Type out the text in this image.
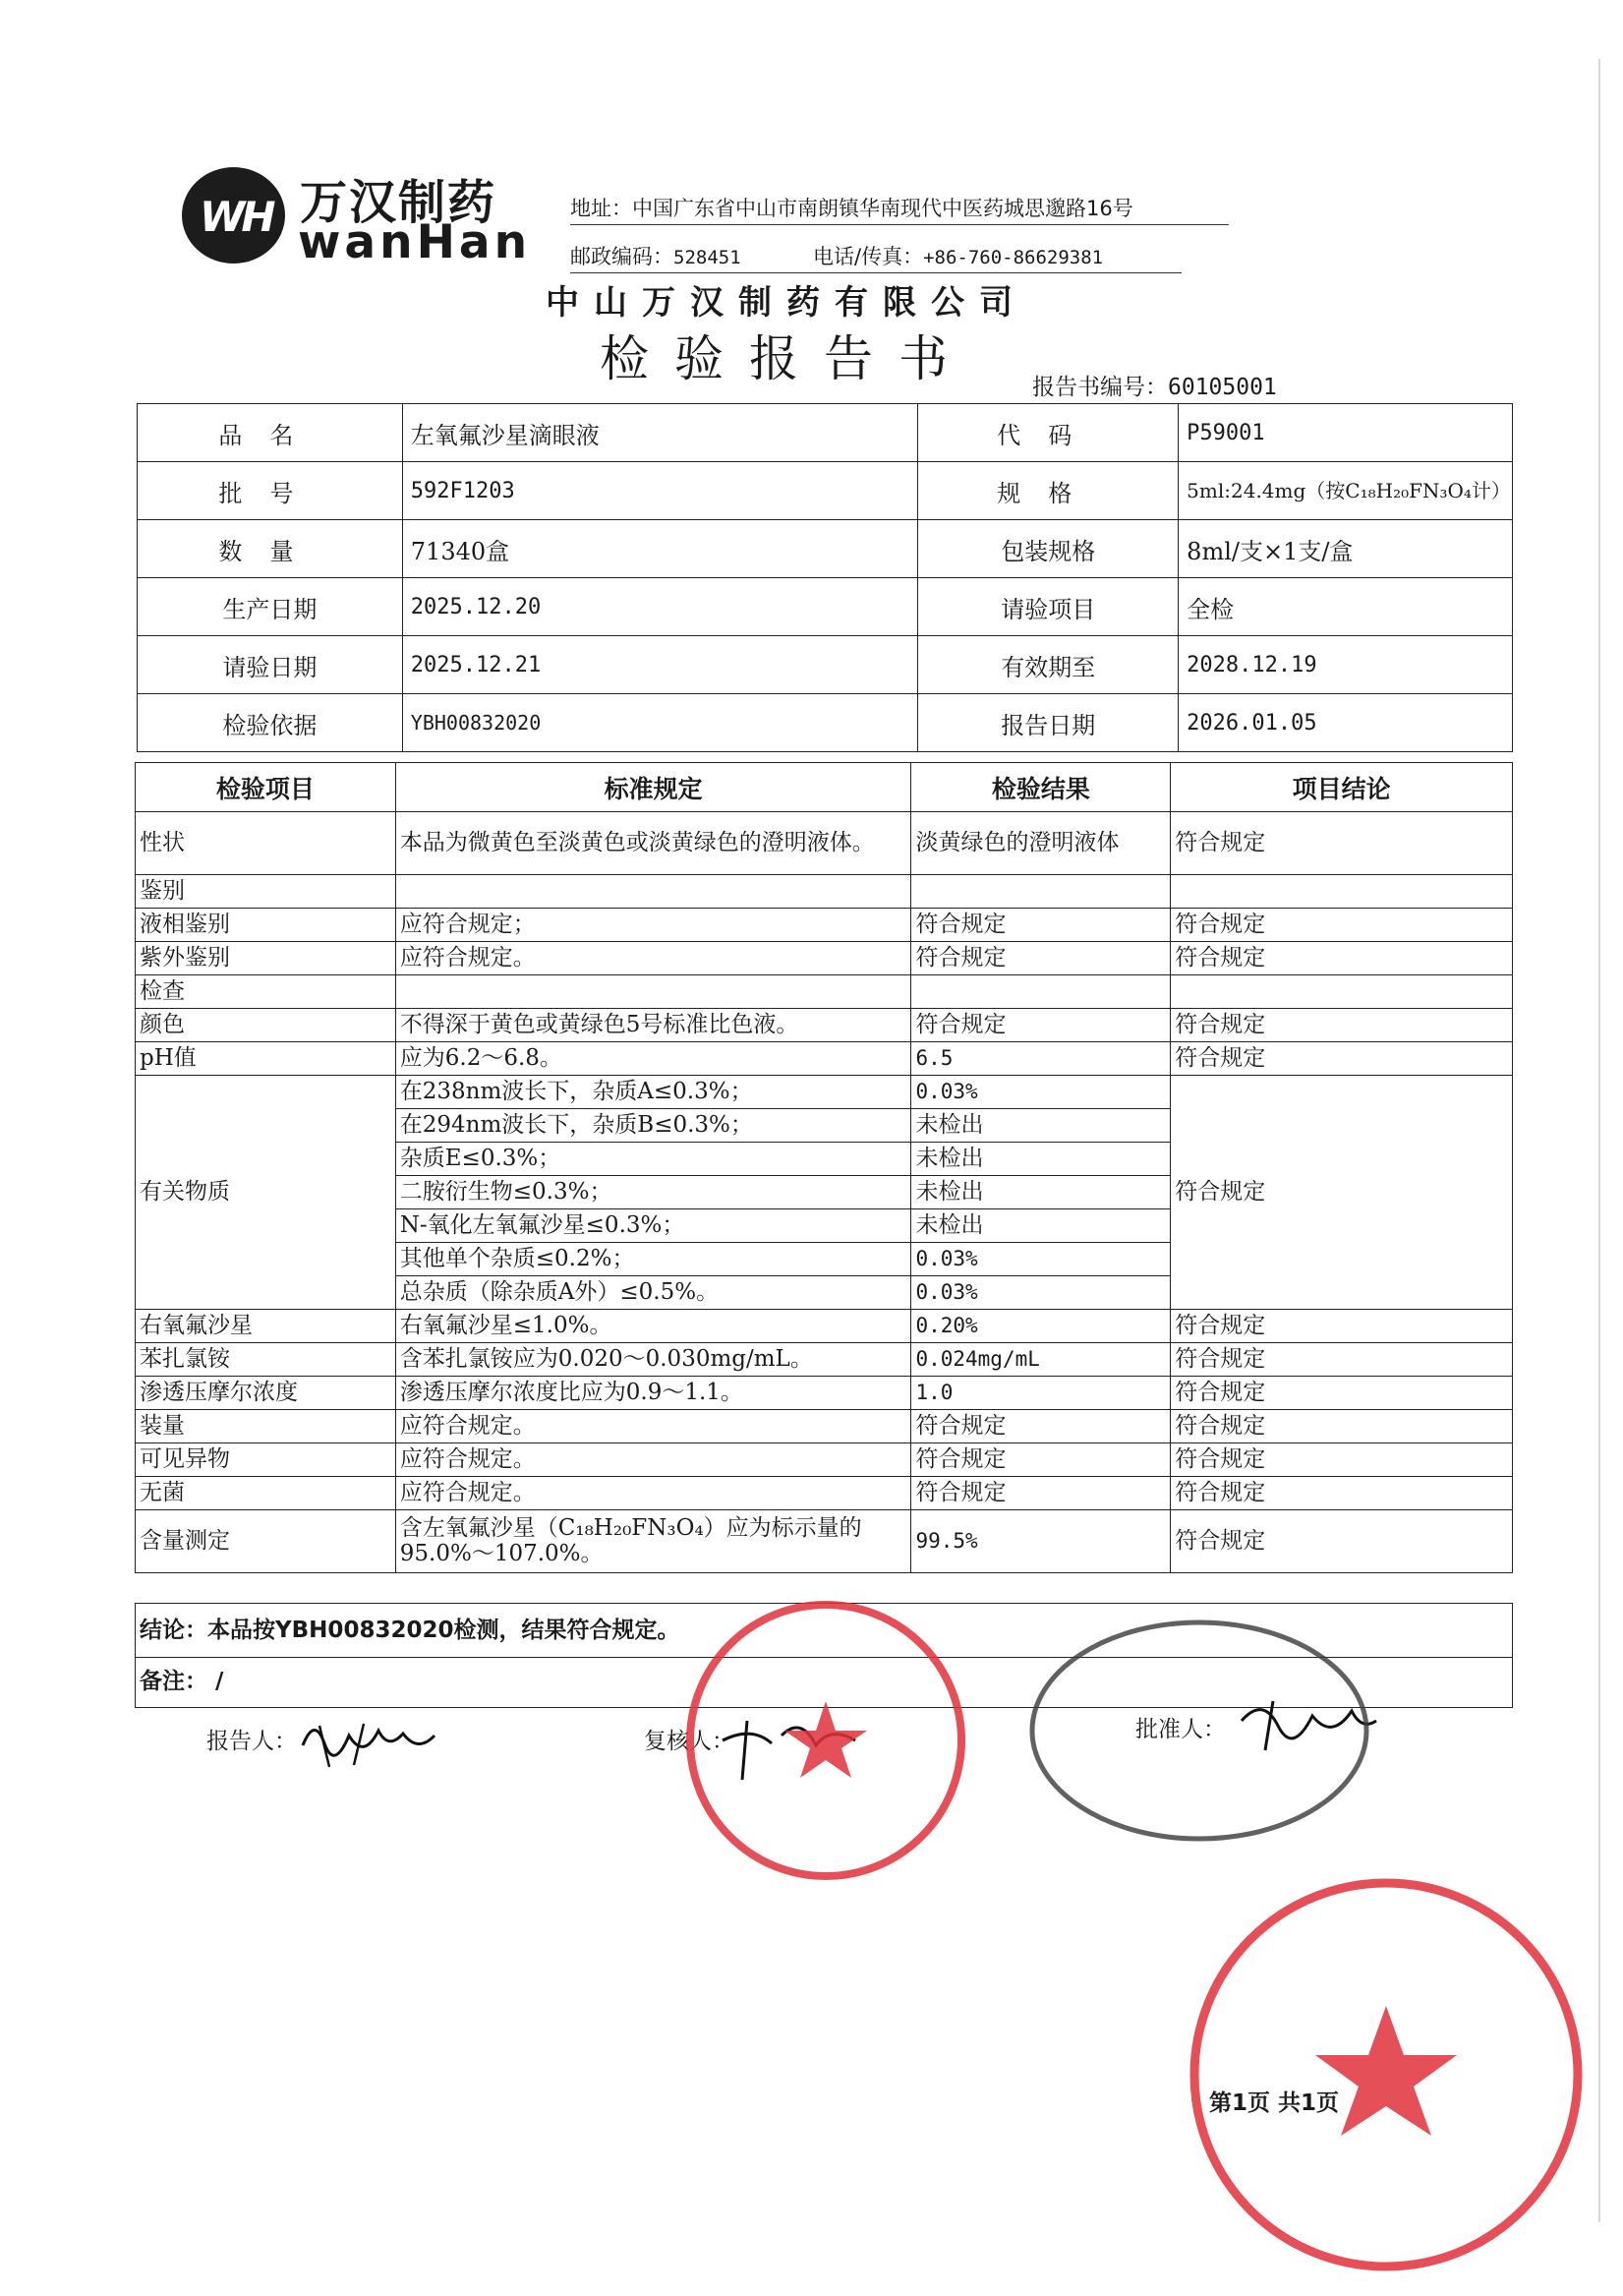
WH 万汉制药
wanHan
地址：中国广东省中山市南朗镇华南现代中医药城思邈路16号
邮政编码：528451	电话/传真：+86-760-86629381
中山万汉制药有限公司
检验报告书	报告书编号：60105001
品名	左氧氟沙星滴眼液	代码	P59001
批号	592F1203	规格	5ml:24.4mg（按C₁₈H₂₀FN₃O₄计）
数量	71340盒	包装规格	8ml/支×1支/盒
生产日期	2025.12.20	请验项目	全检
请验日期	2025.12.21	有效期至	2028.12.19
检验依据	YBH00832020	报告日期	2026.01.05
检验项目	标准规定	检验结果	项目结论
性状	本品为微黄色至淡黄色或淡黄绿色的澄明液体。	淡黄绿色的澄明液体	符合规定
鉴别			
液相鉴别	应符合规定；	符合规定	符合规定
紫外鉴别	应符合规定。	符合规定	符合规定
检查			
颜色	不得深于黄色或黄绿色5号标准比色液。	符合规定	符合规定
pH值	应为6.2～6.8。	6.5	符合规定
有关物质	在238nm波长下，杂质A≤0.3%；	0.03%	符合规定
	在294nm波长下，杂质B≤0.3%；	未检出	
	杂质E≤0.3%；	未检出	
	二胺衍生物≤0.3%；	未检出	
	N-氧化左氧氟沙星≤0.3%；	未检出	
	其他单个杂质≤0.2%；	0.03%	
	总杂质（除杂质A外）≤0.5%。	0.03%	
右氧氟沙星	右氧氟沙星≤1.0%。	0.20%	符合规定
苯扎氯铵	含苯扎氯铵应为0.020～0.030mg/mL。	0.024mg/mL	符合规定
渗透压摩尔浓度	渗透压摩尔浓度比应为0.9～1.1。	1.0	符合规定
装量	应符合规定。	符合规定	符合规定
可见异物	应符合规定。	符合规定	符合规定
无菌	应符合规定。	符合规定	符合规定
含量测定	含左氧氟沙星（C₁₈H₂₀FN₃O₄）应为标示量的95.0%～107.0%。	99.5%	符合规定
结论：本品按YBH00832020检测，结果符合规定。
备注： /
报告人：	复核人：	批准人：
第1页 共1页
